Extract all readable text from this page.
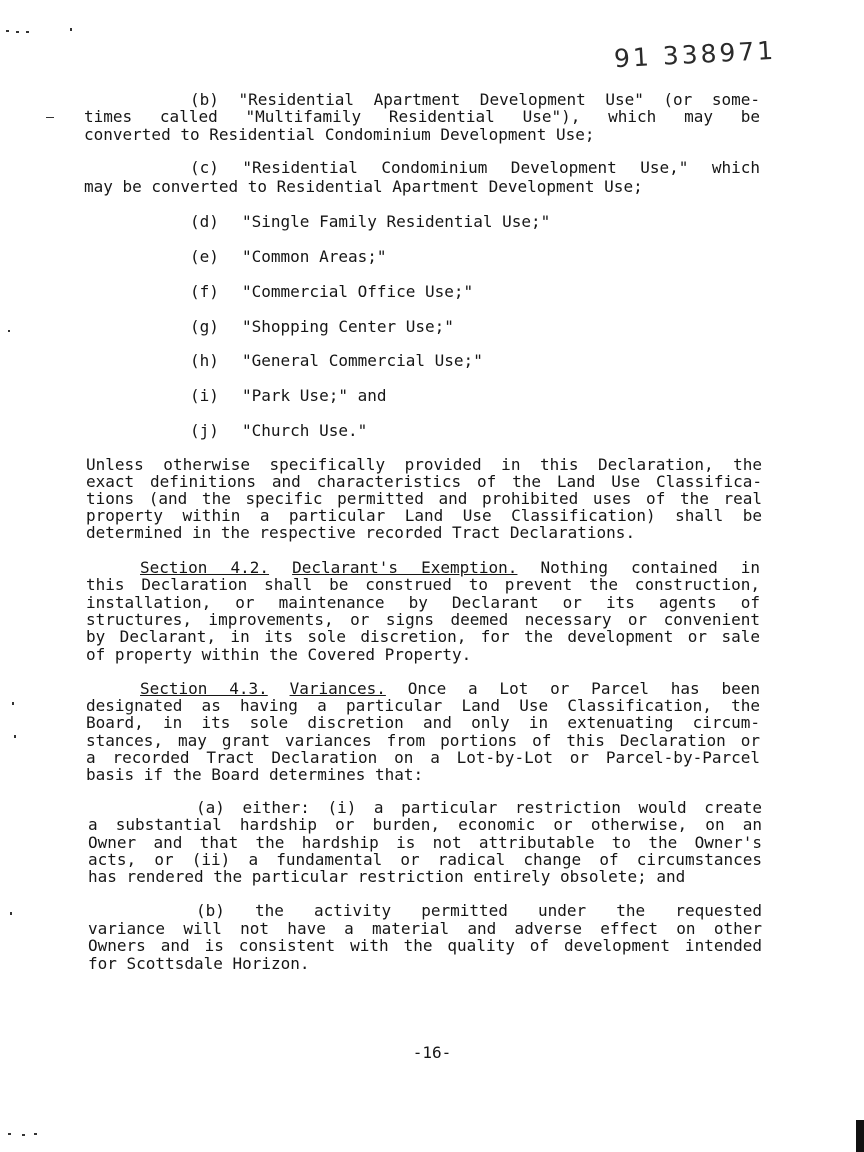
91 338971
(b) "Residential Apartment Development Use" (or some-
times called "Multifamily Residential Use"), which may be
converted to Residential Condominium Development Use;
(c) "Residential Condominium Development Use," which
may be converted to Residential Apartment Development Use;
(d) "Single Family Residential Use;"
(e) "Common Areas;"
(f) "Commercial Office Use;"
(g) "Shopping Center Use;"
(h) "General Commercial Use;"
(i) "Park Use;" and
(j) "Church Use."
Unless otherwise specifically provided in this Declaration, the
exact definitions and characteristics of the Land Use Classifica-
tions (and the specific permitted and prohibited uses of the real
property within a particular Land Use Classification) shall be
determined in the respective recorded Tract Declarations.
Section 4.2. Declarant's Exemption. Nothing contained in
this Declaration shall be construed to prevent the construction,
installation, or maintenance by Declarant or its agents of
structures, improvements, or signs deemed necessary or convenient
by Declarant, in its sole discretion, for the development or sale
of property within the Covered Property.
Section 4.3. Variances. Once a Lot or Parcel has been
designated as having a particular Land Use Classification, the
Board, in its sole discretion and only in extenuating circum-
stances, may grant variances from portions of this Declaration or
a recorded Tract Declaration on a Lot-by-Lot or Parcel-by-Parcel
basis if the Board determines that:
(a) either: (i) a particular restriction would create
a substantial hardship or burden, economic or otherwise, on an
Owner and that the hardship is not attributable to the Owner's
acts, or (ii) a fundamental or radical change of circumstances
has rendered the particular restriction entirely obsolete; and
(b) the activity permitted under the requested
variance will not have a material and adverse effect on other
Owners and is consistent with the quality of development intended
for Scottsdale Horizon.
-16-
